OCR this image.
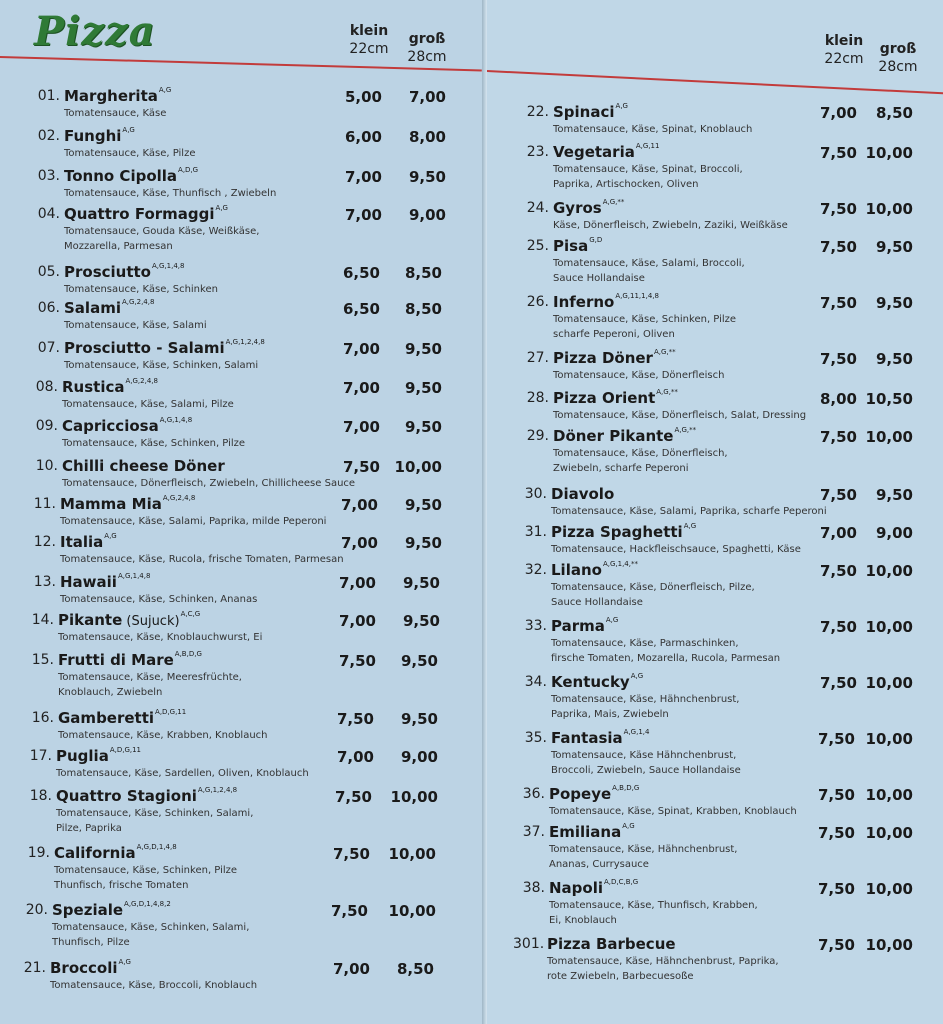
Pizza	klein
22cm
groß
28cm
01. Margherita$^{A,G}$
Tomatensauce, Käse
5,00	7,00
02. Funghi$^{A,G}$
Tomatensauce, Käse, Pilze
6,00	8,00
03. Tonno Cipolla$^{A,D,G}$
Tomatensauce, Käse, Thunfisch , Zwiebeln
7,00	9,50
04. Quattro Formaggi$^{A,G}$
Tomatensauce, Gouda Käse, Weißkäse,
Mozzarella, Parmesan
7,00	9,00
05. Prosciutto$^{A,G,1,4,8}$
Tomatensauce, Käse, Schinken
6,50	8,50
06. Salami$^{A,G,2,4,8}$
Tomatensauce, Käse, Salami
6,50	8,50
07. Prosciutto - Salami$^{A,G,1,2,4,8}$
Tomatensauce, Käse, Schinken, Salami
7,00	9,50
08. Rustica$^{A,G,2,4,8}$
Tomatensauce, Käse, Salami, Pilze
7,00	9,50
09. Capricciosa$^{A,G,1,4,8}$
Tomatensauce, Käse, Schinken, Pilze
7,00	9,50
10. Chilli cheese Döner
Tomatensauce, Dönerfleisch, Zwiebeln, Chillicheese Sauce
7,50 10,00
11. Mamma Mia$^{A,G,2,4,8}$
Tomatensauce, Käse, Salami, Paprika, milde Peperoni
7,00	9,50
12. Italia$^{A,G}$
Tomatensauce, Käse, Rucola, frische Tomaten, Parmesan
7,00	9,50
13. Hawaii$^{A,G,1,4,8}$
Tomatensauce, Käse, Schinken, Ananas
7,00	9,50
14. Pikante (Sujuck)$^{A,C,G}$
Tomatensauce, Käse, Knoblauchwurst, Ei
7,00	9,50
15. Frutti di Mare$^{A,B,D,G}$
Tomatensauce, Käse, Meeresfrüchte,
Knoblauch, Zwiebeln
7,50	9,50
16. Gamberetti$^{A,D,G,11}$
Tomatensauce, Käse, Krabben, Knoblauch
7,50	9,50
17. Puglia$^{A,D,G,11}$
Tomatensauce, Käse, Sardellen, Oliven, Knoblauch
7,00	9,00
18. Quattro Stagioni$^{A,G,1,2,4,8}$
Tomatensauce, Käse, Schinken, Salami,
Pilze, Paprika
7,50 10,00
19. California$^{A,G,D,1,4,8}$
Tomatensauce, Käse, Schinken, Pilze
Thunfisch, frische Tomaten
7,50 10,00
20. Speziale$^{A,G,D,1,4,8,2}$
Tomatensauce, Käse, Schinken, Salami,
Thunfisch, Pilze
7,50 10,00
21. Broccoli$^{A,G}$
Tomatensauce, Käse, Broccoli, Knoblauch
7,00	8,50
klein
22cm
groß
28cm
22. Spinaci$^{A,G}$
Tomatensauce, Käse, Spinat, Knoblauch
7,00	8,50
23. Vegetaria$^{A,G,11}$
Tomatensauce, Käse, Spinat, Broccoli,
Paprika, Artischocken, Oliven
7,50 10,00
24. Gyros$^{A,G,**}$
Käse, Dönerfleisch, Zwiebeln, Zaziki, Weißkäse
7,50 10,00
25. Pisa$^{G,D}$
Tomatensauce, Käse, Salami, Broccoli,
Sauce Hollandaise
7,50	9,50
26. Inferno$^{A,G,11,1,4,8}$
Tomatensauce, Käse, Schinken, Pilze
scharfe Peperoni, Oliven
7,50	9,50
27. Pizza Döner$^{A,G,**}$
Tomatensauce, Käse, Dönerfleisch
7,50	9,50
28. Pizza Orient$^{A,G,**}$
Tomatensauce, Käse, Dönerfleisch, Salat, Dressing
8,00 10,50
29. Döner Pikante$^{A,G,**}$
Tomatensauce, Käse, Dönerfleisch,
Zwiebeln, scharfe Peperoni
7,50 10,00
30. Diavolo
Tomatensauce, Käse, Salami, Paprika, scharfe Peperoni
7,50	9,50
31. Pizza Spaghetti$^{A,G}$
Tomatensauce, Hackfleischsauce, Spaghetti, Käse
7,00	9,00
32. Lilano$^{A,G,1,4,**}$
Tomatensauce, Käse, Dönerfleisch, Pilze,
Sauce Hollandaise
7,50 10,00
33. Parma$^{A,G}$
Tomatensauce, Käse, Parmaschinken,
firsche Tomaten, Mozarella, Rucola, Parmesan
7,50 10,00
34. Kentucky$^{A,G}$
Tomatensauce, Käse, Hähnchenbrust,
Paprika, Mais, Zwiebeln
7,50 10,00
35. Fantasia$^{A,G,1,4}$
Tomatensauce, Käse Hähnchenbrust,
Broccoli, Zwiebeln, Sauce Hollandaise
7,50 10,00
36. Popeye$^{A,B,D,G}$
Tomatensauce, Käse, Spinat, Krabben, Knoblauch
7,50 10,00
37. Emiliana$^{A,G}$
Tomatensauce, Käse, Hähnchenbrust,
Ananas, Currysauce
7,50 10,00
38. Napoli$^{A,D,C,B,G}$
Tomatensauce, Käse, Thunfisch, Krabben,
Ei, Knoblauch
7,50 10,00
301. Pizza Barbecue
Tomatensauce, Käse, Hähnchenbrust, Paprika,
rote Zwiebeln, Barbecuesoße
7,50 10,00
